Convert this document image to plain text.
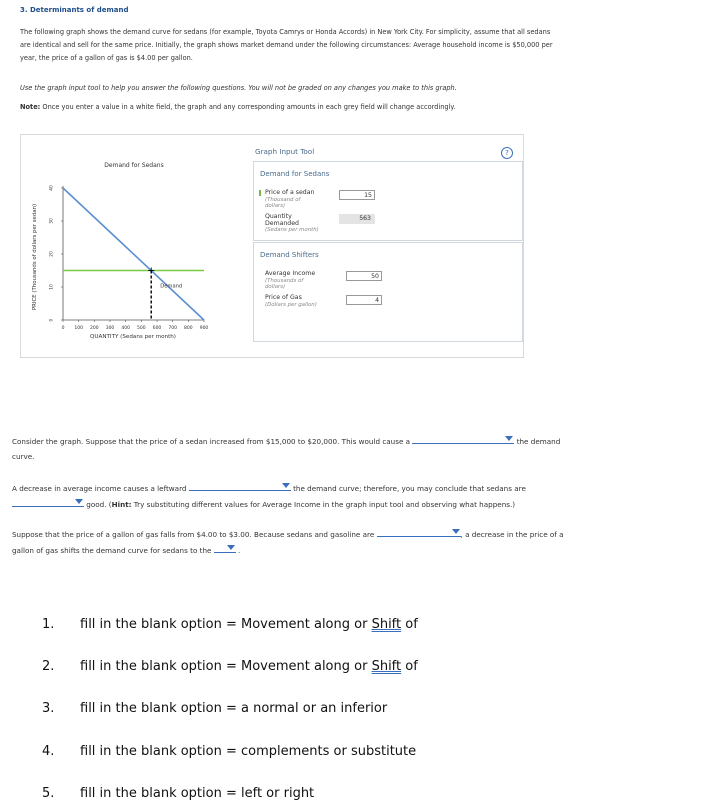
3. Determinants of demand
The following graph shows the demand curve for sedans (for example, Toyota Camrys or Honda Accords) in New York City. For simplicity, assume that all sedans are identical and sell for the same price. Initially, the graph shows market demand under the following circumstances: Average household income is $50,000 per year, the price of a gallon of gas is $4.00 per gallon.
Use the graph input tool to help you answer the following questions. You will not be graded on any changes you make to this graph.
Note: Once you enter a value in a white field, the graph and any corresponding amounts in each grey field will change accordingly.
Demand for Sedans
PRICE (Thousands of dollars per sedan)
QUANTITY (Sedans per month)
0
10
20
30
40
0 100 200 300 400 500 600 700 800 900
Demand
Graph Input Tool	?
Demand for Sedans
Price of a sedan
(Thousand of dollars)
15
Quantity Demanded
(Sedans per month)
563
Demand Shifters
Average Income
(Thousands of dollars)
50
Price of Gas
(Dollars per gallon)
4
Consider the graph. Suppose that the price of a sedan increased from $15,000 to $20,000. This would cause a	the demand
curve.
A decrease in average income causes a leftward	the demand curve; therefore, you may conclude that sedans are

good. (Hint: Try substituting different values for Average Income in the graph input tool and observing what happens.)
Suppose that the price of a gallon of gas falls from $4.00 to $3.00. Because sedans and gasoline are	, a decrease in the price of a
gallon of gas shifts the demand curve for sedans to the	.
1. fill in the blank option = Movement along or Shift of
2. fill in the blank option = Movement along or Shift of
3. fill in the blank option = a normal or an inferior
4. fill in the blank option = complements or substitute
5. fill in the blank option = left or right
